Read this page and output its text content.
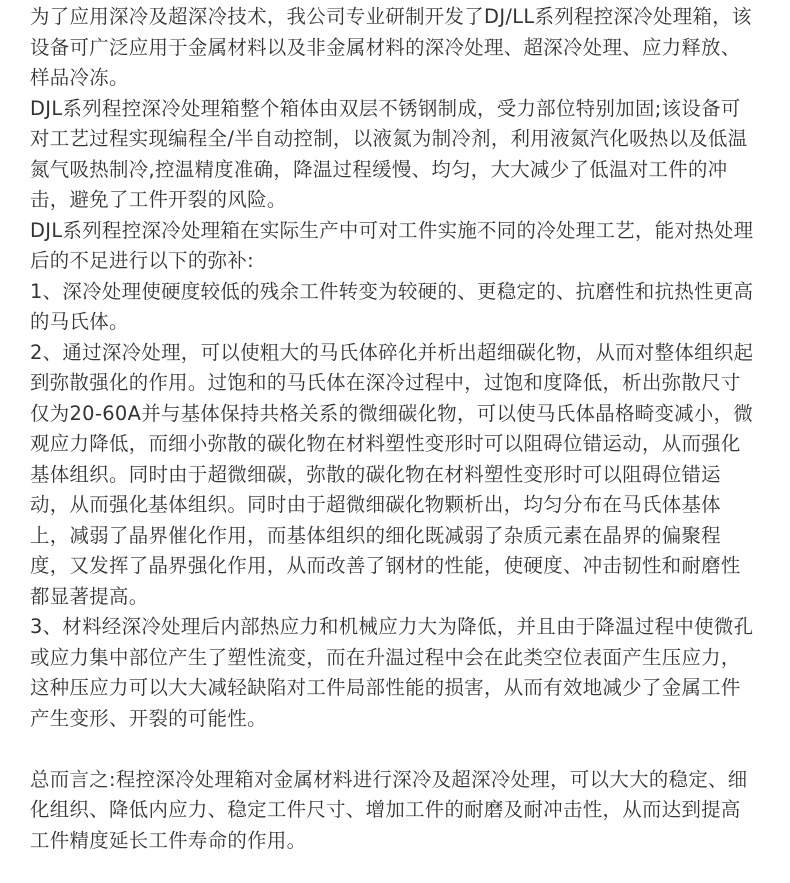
为了应用深冷及超深冷技术，我公司专业研制开发了DJ/LL系列程控深冷处理箱，该设备可广泛应用于金属材料以及非金属材料的深冷处理、超深冷处理、应力释放、样品冷冻。

DJL系列程控深冷处理箱整个箱体由双层不锈钢制成，受力部位特别加固;该设备可对工艺过程实现编程全/半自动控制，以液氮为制冷剂，利用液氮汽化吸热以及低温氮气吸热制冷,控温精度准确，降温过程缓慢、均匀，大大减少了低温对工件的冲击，避免了工件开裂的风险。

DJL系列程控深冷处理箱在实际生产中可对工件实施不同的冷处理工艺，能对热处理后的不足进行以下的弥补:

1、深冷处理使硬度较低的残余工件转变为较硬的、更稳定的、抗磨性和抗热性更高的马氏体。

2、通过深冷处理，可以使粗大的马氏体碎化并析出超细碳化物，从而对整体组织起到弥散强化的作用。过饱和的马氏体在深冷过程中，过饱和度降低，析出弥散尺寸仅为20-60A并与基体保持共格关系的微细碳化物，可以使马氏体晶格畸变减小，微观应力降低，而细小弥散的碳化物在材料塑性变形时可以阻碍位错运动，从而强化基体组织。同时由于超微细碳，弥散的碳化物在材料塑性变形时可以阻碍位错运动，从而强化基体组织。同时由于超微细碳化物颗析出，均匀分布在马氏体基体上，减弱了晶界催化作用，而基体组织的细化既减弱了杂质元素在晶界的偏聚程度，又发挥了晶界强化作用，从而改善了钢材的性能，使硬度、冲击韧性和耐磨性都显著提高。

3、材料经深冷处理后内部热应力和机械应力大为降低，并且由于降温过程中使微孔或应力集中部位产生了塑性流变，而在升温过程中会在此类空位表面产生压应力，这种压应力可以大大减轻缺陷对工件局部性能的损害，从而有效地减少了金属工件产生变形、开裂的可能性。

总而言之:程控深冷处理箱对金属材料进行深冷及超深冷处理，可以大大的稳定、细化组织、降低内应力、稳定工件尺寸、增加工件的耐磨及耐冲击性，从而达到提高工件精度延长工件寿命的作用。
